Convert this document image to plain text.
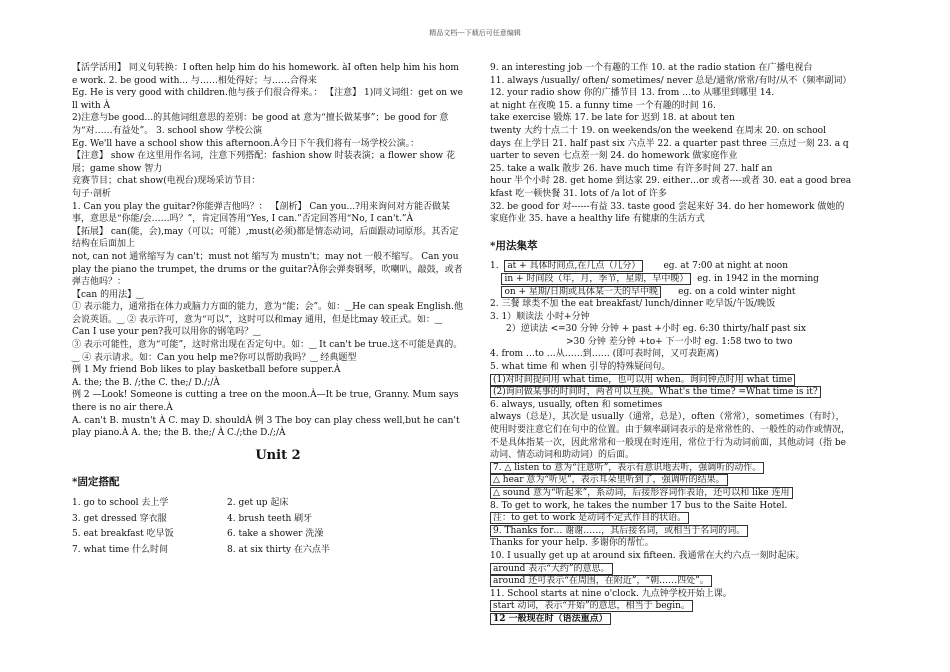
精品文档---下载后可任意编辑

【活学活用】 同义句转换：I often help him do his homework. àI often help him his home work. 2. be good with... 与……相处得好；与……合得来

Eg. He is very good with children.他与孩子们很合得来。： 【注意】 1)同义词组：get on well with À

2)注意与be good...的其他词组意思的差别：be good at 意为“擅长做某事”；be good for 意为“对……有益处”。 3. school show 学校公演

Eg. We'll have a school show this afternoon.À今日下午我们将有一场学校公演。：

【注意】 show 在这里用作名词，注意下列搭配：fashion show 时装表演；a flower show 花展；game show 智力

竞赛节目；chat show(电视台)现场采访节目：

句子·剖析

1. Can you play the guitar?你能弹吉他吗？： 【剖析】 Can you...?用来询问对方能否做某事，意思是“你能/会……吗？”，肯定回答用“Yes, I can.”否定回答用“No, I can't.”À

【拓展】 can(能，会),may（可以；可能）,must(必须)都是情态动词，后面跟动词原形。其否定结构在后面加上

not, can not 通常缩写为 can't；must not 缩写为 mustn't；may not 一般不缩写。 Can you play the piano the trumpet, the drums or the guitar?À你会弹奏钢琴，吹喇叭，敲鼓，或者弹吉他吗？：

【can 的用法】‿

① 表示能力，通常指在体力或脑力方面的能力，意为“能；会”。如：‿He can speak English.他会说英语。‿ ② 表示许可，意为“可以”，这时可以和may 通用，但是比may 较正式。如：‿

Can I use your pen?我可以用你的钢笔吗？‿

③ 表示可能性，意为“可能”，这时常出现在否定句中。如：‿ It can't be true.这不可能是真的。‿ ④ 表示请求。如：Can you help me?你可以帮助我吗？‿ 经典题型

例 1 My friend Bob likes to play basketball before supper.À

A. the; the B. /;the C. the;/ D./;/À

例 2 —Look! Someone is cutting a tree on the moon.À—It be true, Granny. Mum says there is no air there.À

A. can't B. mustn't À C. may D. shouldÀ 例 3 The boy can play chess well,but he can't play piano.À A. the; the B. the;/ À C./;the D./;/À

Unit 2
*固定搭配
1. go to school 去上学	2. get up 起床
3. get dressed 穿衣服	4. brush teeth 刷牙
5. eat breakfast 吃早饭	6. take a shower 洗澡
7. what time 什么时间	8. at six thirty 在六点半

9. an interesting job 一个有趣的工作 10. at the radio station 在广播电视台

11. always /usually/ often/ sometimes/ never 总是/通常/常常/有时/从不（频率副词）

12. your radio show 你的广播节目 13. from …to 从哪里到哪里 14.

at night 在夜晚 15. a funny time 一个有趣的时间 16.

take exercise 锻炼 17. be late for 迟到 18. at about ten

twenty 大约十点二十 19. on weekends/on the weekend 在周末 20. on school

days 在上学日 21. half past six 六点半 22. a quarter past three 三点过一刻 23. a quarter to seven 七点差一刻 24. do homework 做家庭作业

25. take a walk 散步 26. have much time 有许多时间 27. half an

hour 半个小时 28. get home 到达家 29. either…or 或者----或者 30. eat a good breakfast 吃一顿快餐 31. lots of /a lot of 许多

32. be good for 对------有益 33. taste good 尝起来好 34. do her homework 做她的家庭作业 35. have a healthy life 有健康的生活方式

*用法集萃

1.  at + 具体时间点,在几点（几分）	eg. at 7:00 at night at noon

in + 时间段（年，月，季节，星期，早中晚） eg. in 1942 in the morning

on + 星期/日期或具体某一天的早中晚 eg. on a cold winter night

2. 三餐 球类不加 the eat breakfast/ lunch/dinner 吃早饭/午饭/晚饭

3. 1）顺读法 小时+分钟

2）逆读法 <=30 分钟 分钟 + past +小时 eg. 6:30 thirty/half past six

>30 分钟 差分钟 +to+ 下一小时 eg. 1:58 two to two

4. from …to …从……到…… (即可表时间，又可表距离)

5. what time 和 when 引导的特殊疑问句。

(1)对时间提问用 what time，也可以用 when。询问钟点时用 what time

(2)询问做某事的时间时，两者可以互换。What's the time? =What time is it?

6. always, usually, often 和 sometimes

always（总是），其次是 usually（通常，总是），often（常常），sometimes（有时），使用时要注意它们在句中的位置。由于频率副词表示的是常常性的、一般性的动作或情况，不是具体指某一次，因此常常和一般现在时连用，常位于行为动词前面，其他动词（指 be 动词、情态动词和助动词）的后面。

7. △ listen to 意为“注意听”，表示有意识地去听，强调听的动作。

△ hear 意为“听见”，表示耳朵里听到了，强调听的结果。

△ sound 意为“听起来”，系动词，后接形容词作表语，还可以和 like 连用

8. To get to work, he takes the number 17 bus to the Saite Hotel.

注：to get to work 是动词不定式作目的状语。

9. Thanks for… 谢谢……，其后接名词，或相当于名词的词。

Thanks for your help. 多谢你的帮忙。

10. I usually get up at around six fifteen. 我通常在大约六点一刻时起床。

around 表示“大约”的意思。

around 还可表示“在周围，在附近”，“朝……四处”。

11. School starts at nine o'clock. 九点钟学校开始上课。

start 动词，表示“开始”的意思，相当于 begin。

12 一般现在时（语法重点）
